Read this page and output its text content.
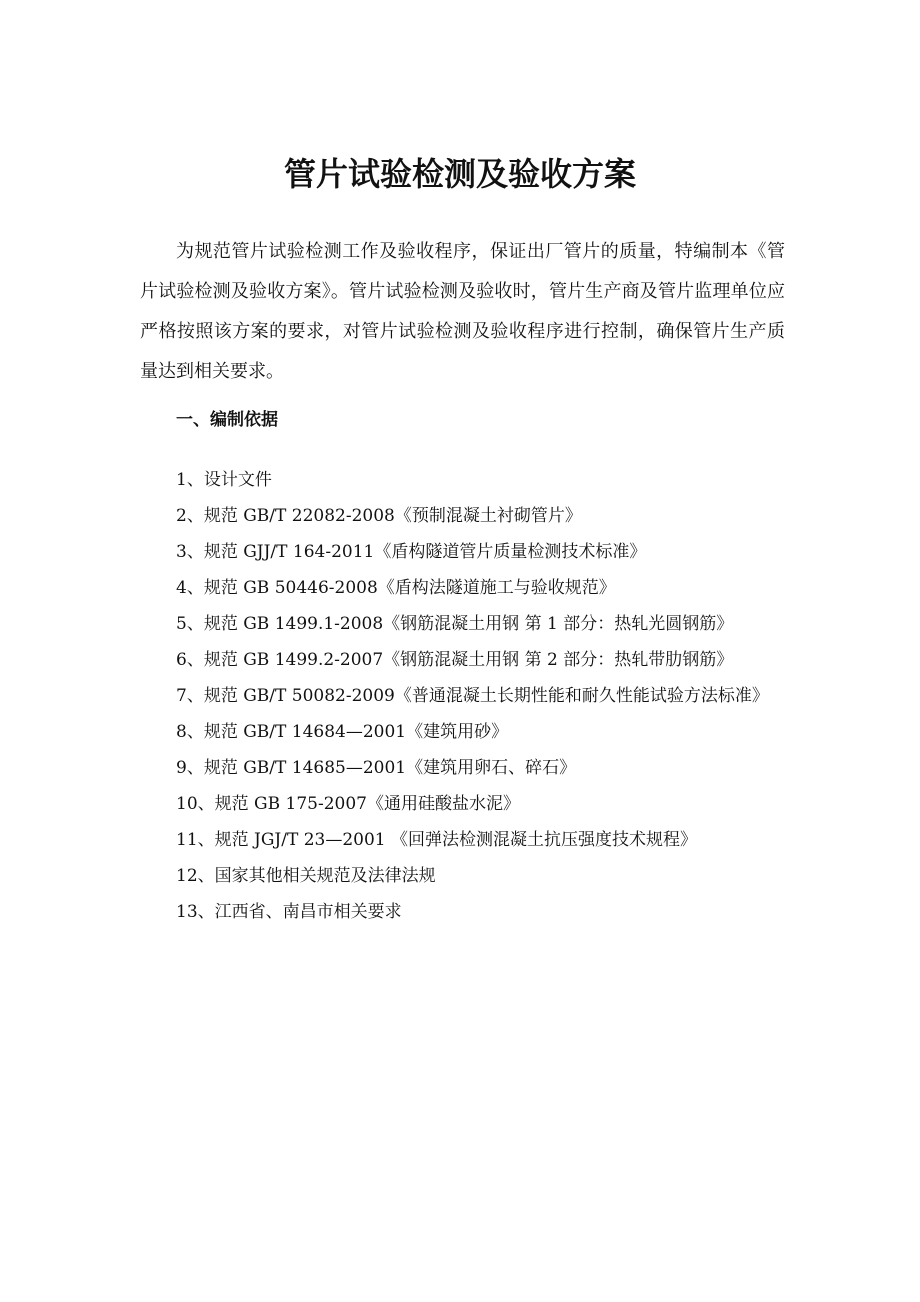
管片试验检测及验收方案

为规范管片试验检测工作及验收程序，保证出厂管片的质量，特编制本《管片试验检测及验收方案》。管片试验检测及验收时，管片生产商及管片监理单位应严格按照该方案的要求，对管片试验检测及验收程序进行控制，确保管片生产质量达到相关要求。

一、编制依据
1、设计文件
2、规范 GB/T 22082-2008《预制混凝土衬砌管片》
3、规范 GJJ/T 164-2011《盾构隧道管片质量检测技术标准》
4、规范 GB 50446-2008《盾构法隧道施工与验收规范》
5、规范 GB 1499.1-2008《钢筋混凝土用钢 第 1 部分：热轧光圆钢筋》
6、规范 GB 1499.2-2007《钢筋混凝土用钢 第 2 部分：热轧带肋钢筋》
7、规范 GB/T 50082-2009《普通混凝土长期性能和耐久性能试验方法标准》
8、规范 GB/T 14684—2001《建筑用砂》
9、规范 GB/T 14685—2001《建筑用卵石、碎石》
10、规范 GB 175-2007《通用硅酸盐水泥》
11、规范 JGJ/T 23—2001 《回弹法检测混凝土抗压强度技术规程》
12、国家其他相关规范及法律法规
13、江西省、南昌市相关要求
